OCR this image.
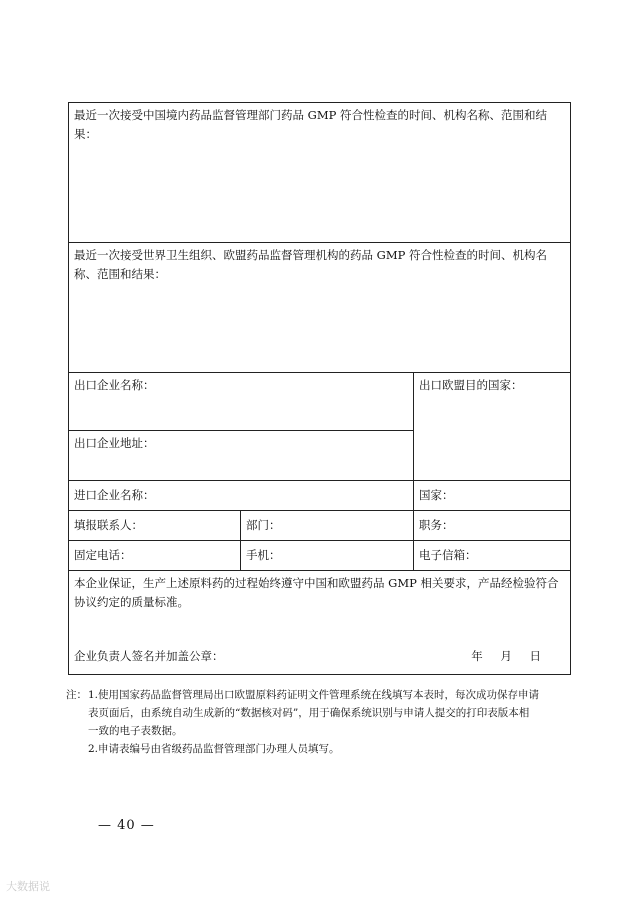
最近一次接受中国境内药品监督管理部门药品 GMP 符合性检查的时间、机构名称、范围和结果：		
最近一次接受世界卫生组织、欧盟药品监督管理机构的药品 GMP 符合性检查的时间、机构名称、范围和结果：		
出口企业名称：		出口欧盟目的国家：
出口企业地址：		
进口企业名称：		国家：
填报联系人：	部门：	职务：
固定电话：	手机：	电子信箱：
本企业保证，生产上述原料药的过程始终遵守中国和欧盟药品 GMP 相关要求，产品经检验符合协议约定的质量标准。
企业负责人签名并加盖公章： 年 月 日		
注： 1.使用国家药品监督管理局出口欧盟原料药证明文件管理系统在线填写本表时，每次成功保存申请
表页面后，由系统自动生成新的“数据核对码”，用于确保系统识别与申请人提交的打印表版本相
一致的电子表数据。
2.申请表编号由省级药品监督管理部门办理人员填写。
— 40 —
大数据说
